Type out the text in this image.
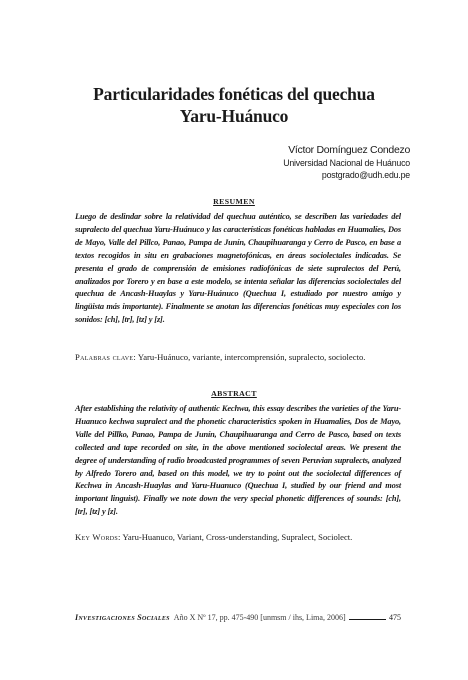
Particularidades fonéticas del quechua
Yaru-Huánuco
Víctor Domínguez Condezo
Universidad Nacional de Huánuco
postgrado@udh.edu.pe
RESUMEN

Luego de deslindar sobre la relatividad del quechua auténtico, se describen las variedades del supralecto del quechua Yaru-Huánuco y las características fonéticas habladas en Huamalíes, Dos de Mayo, Valle del Pillco, Panao, Pampa de Junín, Chaupihuaranga y Cerro de Pasco, en base a textos recogidos in situ en grabaciones magnetofónicas, en áreas sociolectales indicadas. Se presenta el grado de comprensión de emisiones radiofónicas de siete supralectos del Perú, analizados por Torero y en base a este modelo, se intenta señalar las diferencias sociolectales del quechua de Ancash-Huaylas y Yaru-Huánuco (Quechua I, estudiado por nuestro amigo y lingüista más importante). Finalmente se anotan las diferencias fonéticas muy especiales con los sonidos: [ch], [tr], [tz] y [z].

Palabras clave: Yaru-Huánuco, variante, intercomprensión, supralecto, sociolecto.

ABSTRACT

After establishing the relativity of authentic Kechwa, this essay describes the varieties of the Yaru-Huanuco kechwa supralect and the phonetic characteristics spoken in Huamalies, Dos de Mayo, Valle del Pillko, Panao, Pampa de Junín, Chaupihuaranga and Cerro de Pasco, based on texts collected and tape recorded on site, in the above mentioned sociolectal areas. We present the degree of understanding of radio broadcasted programmes of seven Peruvian supralects, analyzed by Alfredo Torero and, based on this model, we try to point out the sociolectal differences of Kechwa in Ancash-Huaylas and Yaru-Huanuco (Quechua I, studied by our friend and most important linguist). Finally we note down the very special phonetic differences of sounds: [ch], [tr], [tz] y [z].

Key Words: Yaru-Huanuco, Variant, Cross-understanding, Supralect, Sociolect.

Investigaciones Sociales Año X Nº 17, pp. 475-490 [unmsm / ihs, Lima, 2006]	475
